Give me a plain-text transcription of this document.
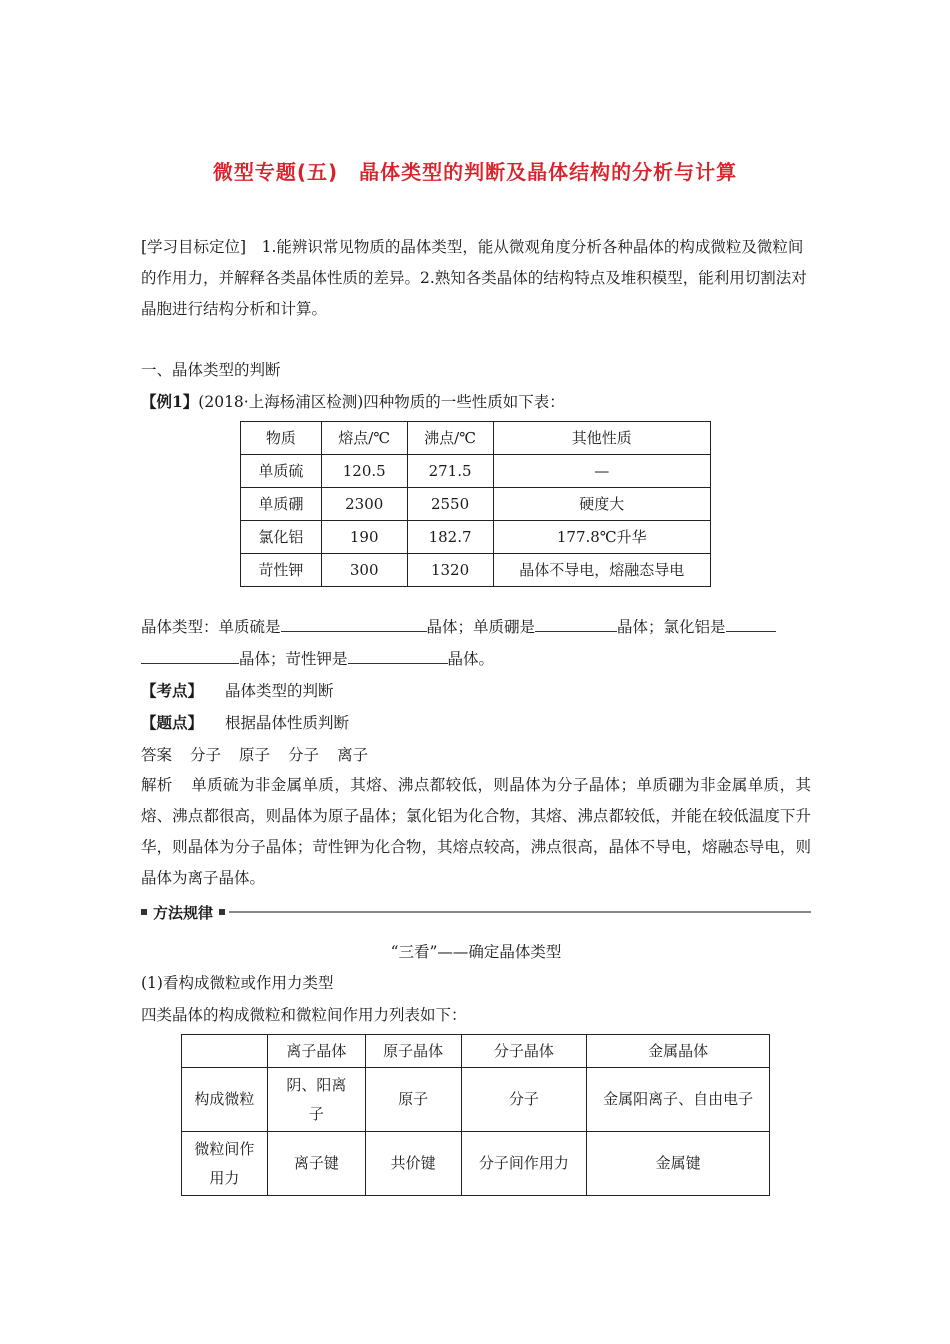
微型专题(五)　晶体类型的判断及晶体结构的分析与计算
[学习目标定位]　1.能辨识常见物质的晶体类型，能从微观角度分析各种晶体的构成微粒及微粒间的作用力，并解释各类晶体性质的差异。2.熟知各类晶体的结构特点及堆积模型，能利用切割法对晶胞进行结构分析和计算。
一、晶体类型的判断
【例1】(2018·上海杨浦区检测)四种物质的一些性质如下表：
物质	熔点/℃	沸点/℃	其他性质
单质硫	120.5	271.5	—
单质硼	2300	2550	硬度大
氯化铝	190	182.7	177.8℃升华
苛性钾	300	1320	晶体不导电，熔融态导电
晶体类型：单质硫是	晶体；单质硼是	晶体；氯化铝是
晶体；苛性钾是	晶体。
【考点】 晶体类型的判断
【题点】 根据晶体性质判断
答案 分子 原子 分子 离子
解析 单质硫为非金属单质，其熔、沸点都较低，则晶体为分子晶体；单质硼为非金属单质，其熔、沸点都很高，则晶体为原子晶体；氯化铝为化合物，其熔、沸点都较低，并能在较低温度下升华，则晶体为分子晶体；苛性钾为化合物，其熔点较高，沸点很高，晶体不导电，熔融态导电，则晶体为离子晶体。
方法规律
“三看”——确定晶体类型
(1)看构成微粒或作用力类型
四类晶体的构成微粒和微粒间作用力列表如下：
	离子晶体	原子晶体	分子晶体	金属晶体
构成微粒	阴、阳离子	原子	分子	金属阳离子、自由电子
微粒间作用力	离子键	共价键	分子间作用力	金属键
